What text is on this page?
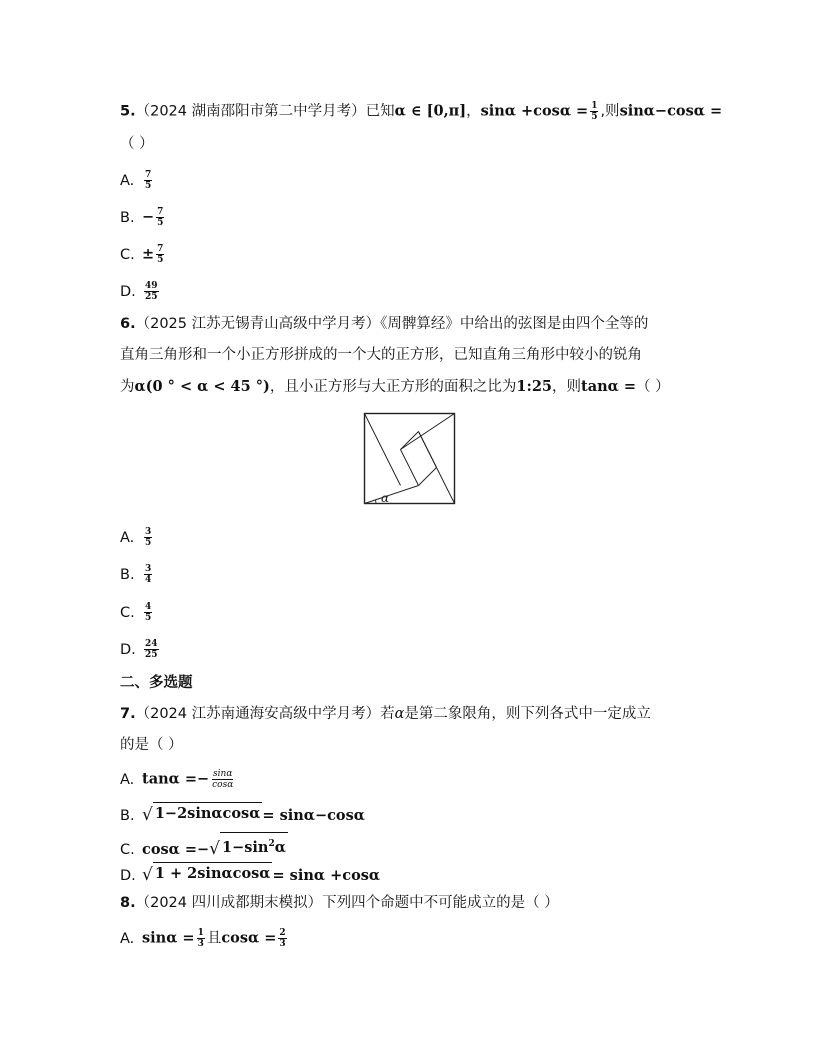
5.（2024 湖南邵阳市第二中学月考）已知α ∈ [0,π]，$\sin\alpha +\cos\alpha = \frac{1}{5}$ ,则sinα−cosα =
（ ）
A. $\frac{7}{5}$
B. − $\frac{7}{5}$
C. ± $\frac{7}{5}$
D. $\frac{49}{25}$
6.（2025 江苏无锡青山高级中学月考）《周髀算经》中给出的弦图是由四个全等的
直角三角形和一个小正方形拼成的一个大的正方形，已知直角三角形中较小的锐角
为α(0 ° < α < 45 °)，且小正方形与大正方形的面积之比为1:25，则tanα =（ ）
α
A. $\frac{3}{5}$
B. $\frac{3}{4}$
C. $\frac{4}{5}$
D. $\frac{24}{25}$
二、多选题
7.（2024 江苏南通海安高级中学月考）若α是第二象限角，则下列各式中一定成立
的是（ ）
A. $\tan\alpha =- \frac{\sin\alpha}{\cos\alpha}$
B. √ 1−2sinαcosα = sinα−cosα
C. cosα =− √ $1-\sin^2\alpha$
D. √ 1 + 2sinαcosα = sinα +cosα
8.（2024 四川成都期末模拟）下列四个命题中不可能成立的是（ ）
A. $\sin\alpha = \frac{1}{3}$ 且$\cos\alpha = \frac{2}{3}$
